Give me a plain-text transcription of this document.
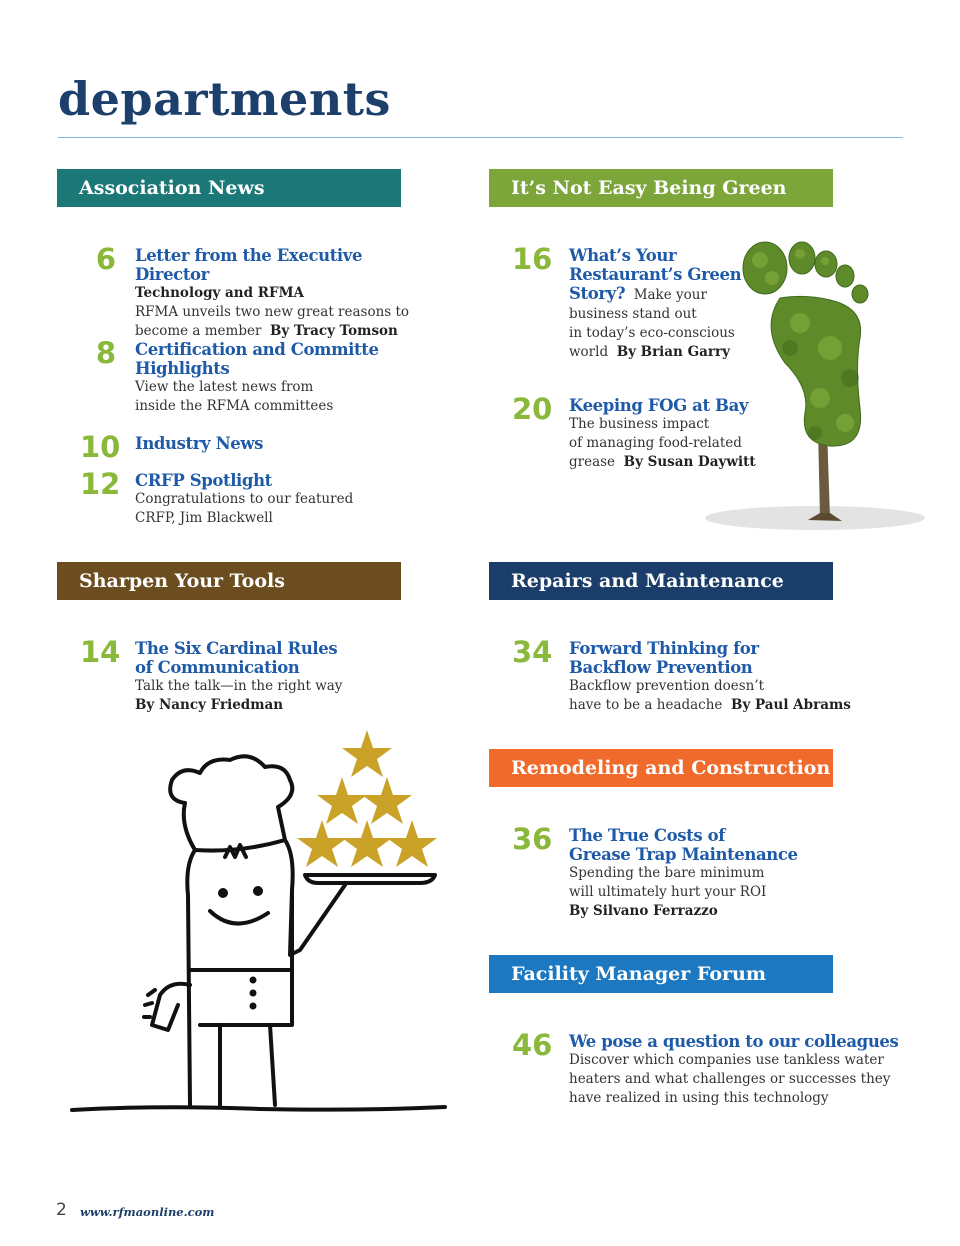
departments
Association News
6 Letter from the Executive Director
Technology and RFMA
RFMA unveils two new great reasons to
become a member By Tracy Tomson
8 Certification and Committe
Highlights
View the latest news from
inside the RFMA committees
10 Industry News
12 CRFP Spotlight
Congratulations to our featured
CRFP, Jim Blackwell
It’s Not Easy Being Green
16 What’s Your
Restaurant’s Green
Story? Make your
business stand out
in today’s eco-conscious
world By Brian Garry
20 Keeping FOG at Bay
The business impact
of managing food-related
grease By Susan Daywitt
Sharpen Your Tools
14 The Six Cardinal Rules
of Communication
Talk the talk—in the right way
By Nancy Friedman
Repairs and Maintenance
34 Forward Thinking for
Backflow Prevention
Backflow prevention doesn’t
have to be a headache By Paul Abrams
Remodeling and Construction
36 The True Costs of
Grease Trap Maintenance
Spending the bare minimum
will ultimately hurt your ROI
By Silvano Ferrazzo
Facility Manager Forum
46 We pose a question to our colleagues
Discover which companies use tankless water
heaters and what challenges or successes they
have realized in using this technology
2 www.rfmaonline.com
